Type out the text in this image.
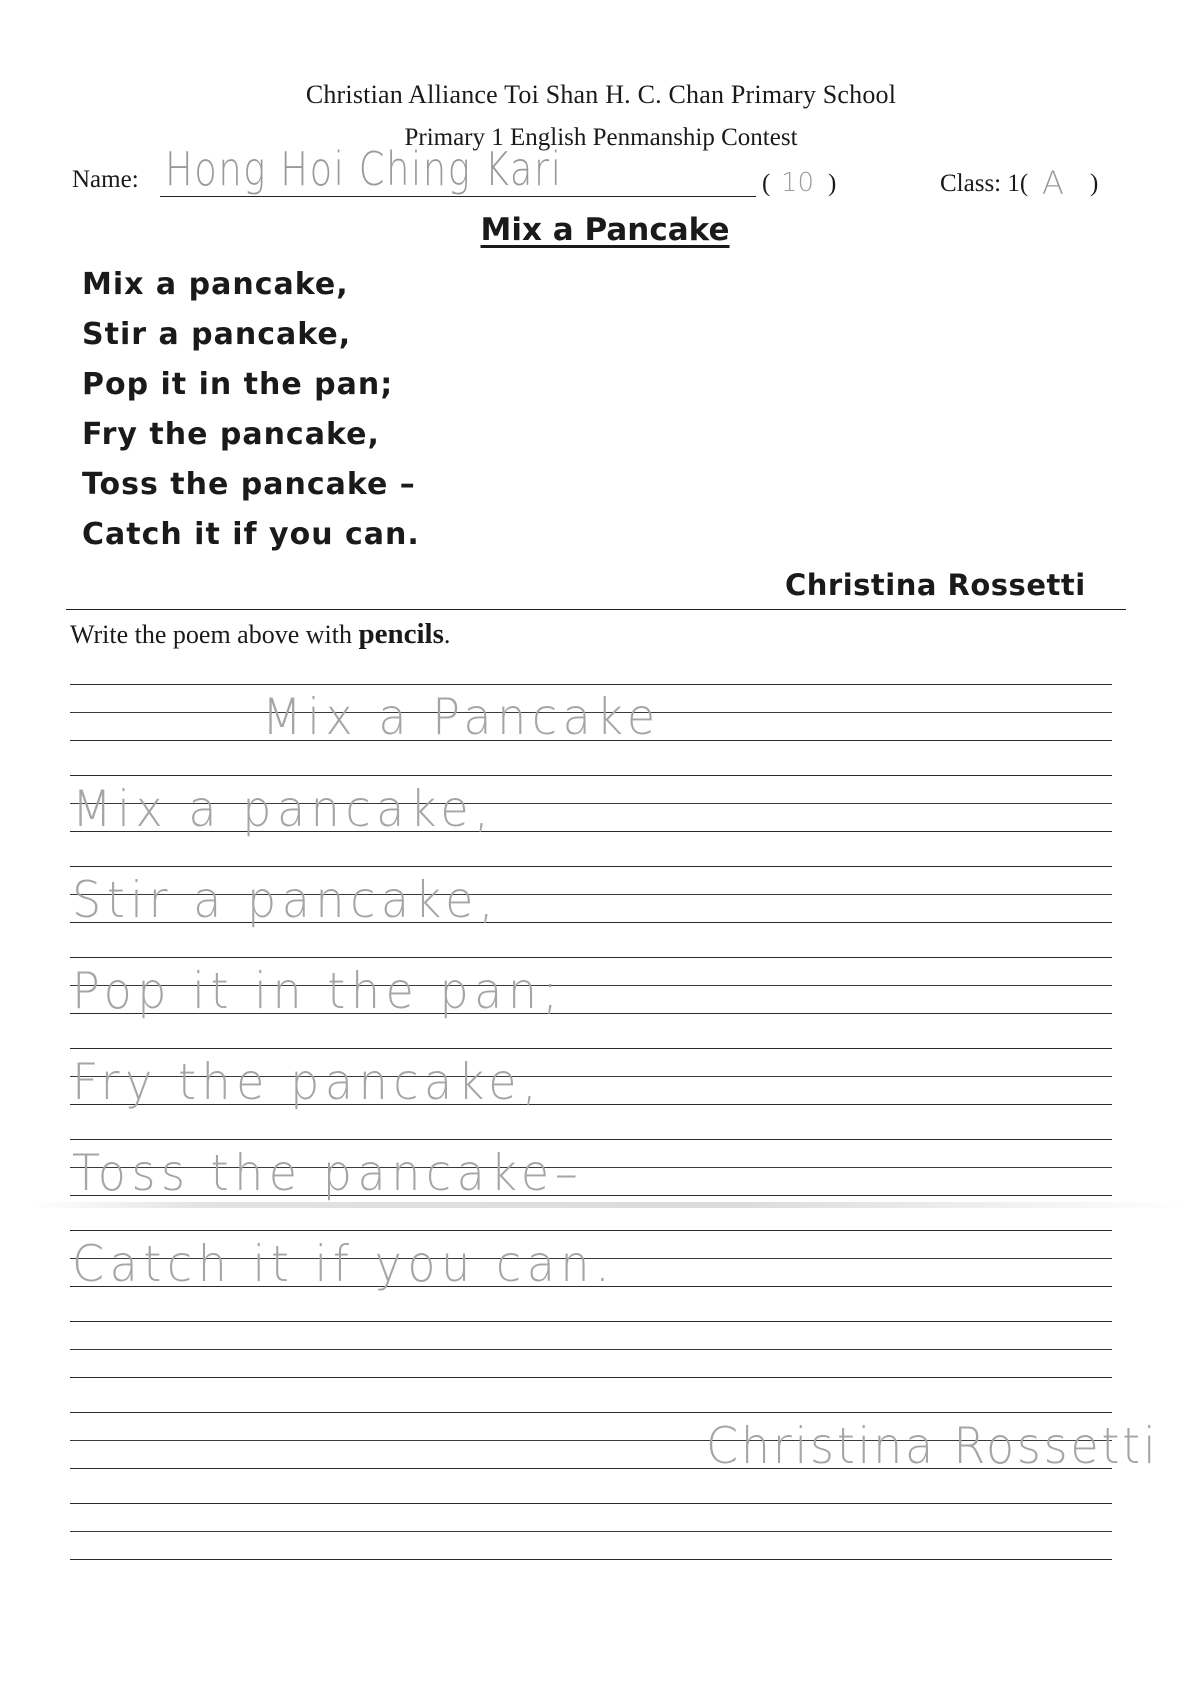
Christian Alliance Toi Shan H. C. Chan Primary School
Primary 1 English Penmanship Contest
Name: Hong Hoi Ching Kari	( 10 )	Class: 1( A )
Mix a Pancake
Mix a pancake,
Stir a pancake,
Pop it in the pan;
Fry the pancake,
Toss the pancake –
Catch it if you can.
Christina Rossetti
Write the poem above with pencils.
Mix a Pancake
Mix a pancake,
Stir a pancake,
Pop it in the pan;
Fry the pancake,
Toss the pancake–
Catch it if you can.
Christina Rossetti
